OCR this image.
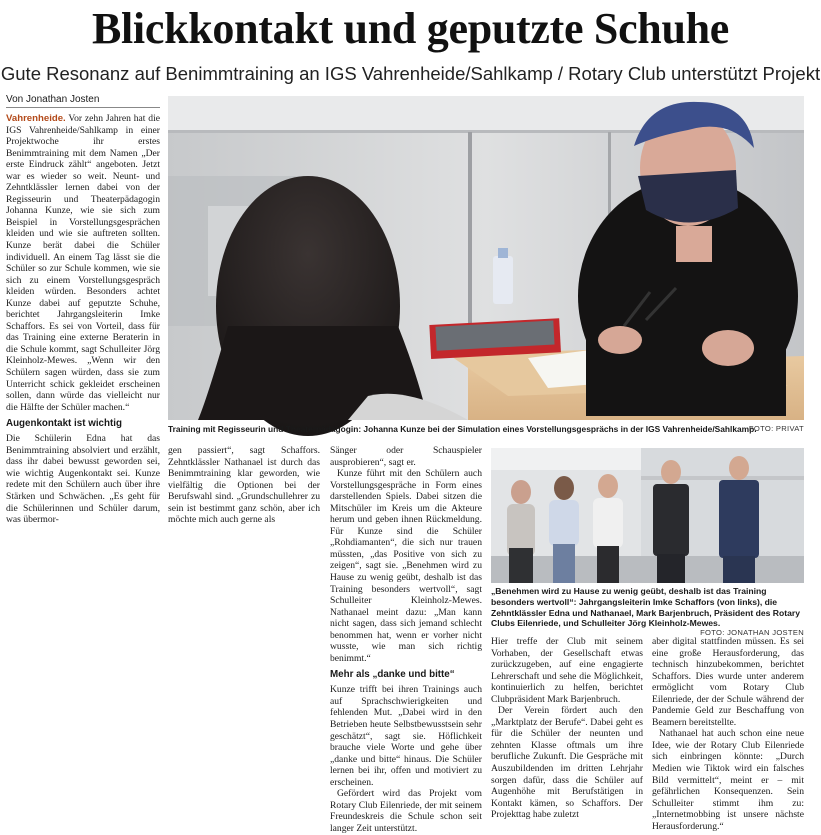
Blickkontakt und geputzte Schuhe
Gute Resonanz auf Benimmtraining an IGS Vahrenheide/Sahlkamp / Rotary Club unterstützt Projekt
Von Jonathan Josten

Vahrenheide. Vor zehn Jahren hat die IGS Vahrenheide/Sahlkamp in einer Projektwoche ihr erstes Benimmtraining mit dem Namen „Der erste Eindruck zählt“ angeboten. Jetzt war es wieder so weit. Neunt- und Zehntklässler lernen dabei von der Regisseurin und Theaterpädagogin Johanna Kunze, wie sie sich zum Beispiel in Vorstellungsgesprächen kleiden und wie sie auftreten sollten. Kunze berät dabei die Schüler individuell. An einem Tag lässt sie die Schüler so zur Schule kommen, wie sie sich zu einem Vorstellungsgespräch kleiden würden. Besonders achtet Kunze dabei auf geputzte Schuhe, berichtet Jahrgangsleiterin Imke Schaffors. Es sei von Vorteil, dass für das Training eine externe Beraterin in die Schule kommt, sagt Schulleiter Jörg Kleinholz-Mewes. „Wenn wir den Schülern sagen würden, dass sie zum Unterricht schick gekleidet erscheinen sollen, dann würde das vielleicht nur die Hälfte der Schüler machen.“

Augenkontakt ist wichtig

Die Schülerin Edna hat das Benimmtraining absolviert und erzählt, dass ihr dabei bewusst geworden sei, wie wichtig Augenkontakt sei. Kunze redete mit den Schülern auch über ihre Stärken und Schwächen. „Es geht für die Schülerinnen und Schüler darum, was übermor-

Training mit Regisseurin und Theaterpädagogin: Johanna Kunze bei der Simulation eines Vorstellungsgesprächs in der IGS Vahrenheide/Sahlkamp.
FOTO: PRIVAT

gen passiert“, sagt Schaffors. Zehntklässler Nathanael ist durch das Benimmtraining klar geworden, wie vielfältig die Optionen bei der Berufswahl sind. „Grundschullehrer zu sein ist bestimmt ganz schön, aber ich möchte mich auch gerne als

Sänger oder Schauspieler ausprobieren“, sagt er.

Kunze führt mit den Schülern auch Vorstellungsgespräche in Form eines darstellenden Spiels. Dabei sitzen die Mitschüler im Kreis um die Akteure herum und geben ihnen Rückmeldung. Für Kunze sind die Schüler „Rohdiamanten“, die sich nur trauen müssten, „das Positive von sich zu zeigen“, sagt sie. „Benehmen wird zu Hause zu wenig geübt, deshalb ist das Training besonders wertvoll“, sagt Schulleiter Kleinholz-Mewes. Nathanael meint dazu: „Man kann nicht sagen, dass sich jemand schlecht benommen hat, wenn er vorher nicht wusste, wie man sich richtig benimmt.“

Mehr als „danke und bitte“

Kunze trifft bei ihren Trainings auch auf Sprachschwierigkeiten und fehlenden Mut. „Dabei wird in den Betrieben heute Selbstbewusstsein sehr geschätzt“, sagt sie. Höflichkeit brauche viele Worte und gehe über „danke und bitte“ hinaus. Die Schüler lernen bei ihr, offen und motiviert zu erscheinen.

Gefördert wird das Projekt vom Rotary Club Eilenriede, der mit seinem Freundeskreis die Schule schon seit langer Zeit unterstützt.

„Benehmen wird zu Hause zu wenig geübt, deshalb ist das Training besonders wertvoll“: Jahrgangsleiterin Imke Schaffors (von links), die Zehntklässler Edna und Nathanael, Mark Barjenbruch, Präsident des Rotary Clubs Eilenriede, und Schulleiter Jörg Kleinholz-Mewes.
FOTO: JONATHAN JOSTEN

Hier treffe der Club mit seinem Vorhaben, der Gesellschaft etwas zurückzugeben, auf eine engagierte Lehrerschaft und sehe die Möglichkeit, kontinuierlich zu helfen, berichtet Clubpräsident Mark Barjenbruch.

Der Verein fördert auch den „Marktplatz der Berufe“. Dabei geht es für die Schüler der neunten und zehnten Klasse oftmals um ihre berufliche Zukunft. Die Gespräche mit Auszubildenden im dritten Lehrjahr sorgen dafür, dass die Schüler auf Augenhöhe mit Berufstätigen in Kontakt kämen, so Schaffors. Der Projekttag habe zuletzt

aber digital stattfinden müssen. Es sei eine große Herausforderung, das technisch hinzubekommen, berichtet Schaffors. Dies wurde unter anderem ermöglicht vom Rotary Club Eilenriede, der der Schule während der Pandemie Geld zur Beschaffung von Beamern bereitstellte.

Nathanael hat auch schon eine neue Idee, wie der Rotary Club Eilenriede sich einbringen könnte: „Durch Medien wie Tiktok wird ein falsches Bild vermittelt“, meint er – mit gefährlichen Konsequenzen. Sein Schulleiter stimmt ihm zu: „Internetmobbing ist unsere nächste Herausforderung.“
